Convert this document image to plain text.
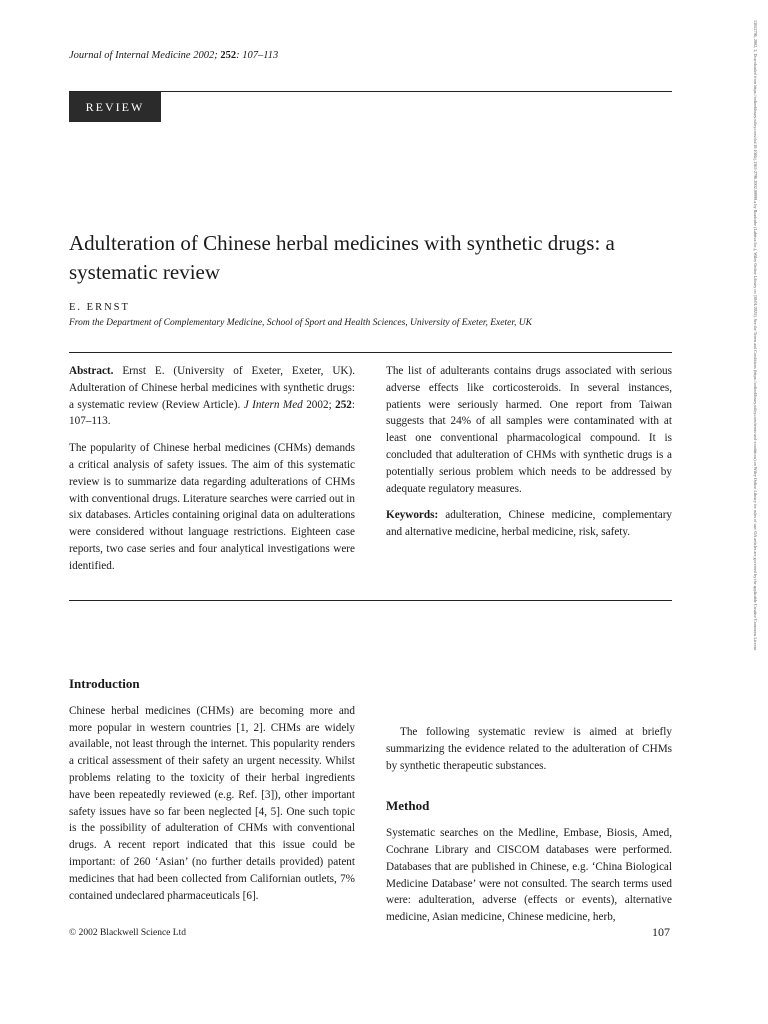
Journal of Internal Medicine 2002; 252: 107–113
REVIEW
Adulteration of Chinese herbal medicines with synthetic drugs: a systematic review
E. ERNST
From the Department of Complementary Medicine, School of Sport and Health Sciences, University of Exeter, Exeter, UK

Abstract. Ernst E. (University of Exeter, Exeter, UK). Adulteration of Chinese herbal medicines with synthetic drugs: a systematic review (Review Article). J Intern Med 2002; 252: 107–113.

The popularity of Chinese herbal medicines (CHMs) demands a critical analysis of safety issues. The aim of this systematic review is to summarize data regarding adulterations of CHMs with conventional drugs. Literature searches were carried out in six databases. Articles containing original data on adulterations were considered without language restrictions. Eighteen case reports, two case series and four analytical investigations were identified.

The list of adulterants contains drugs associated with serious adverse effects like corticosteroids. In several instances, patients were seriously harmed. One report from Taiwan suggests that 24% of all samples were contaminated with at least one conventional pharmacological compound. It is concluded that adulteration of CHMs with synthetic drugs is a potentially serious problem which needs to be addressed by adequate regulatory measures.

Keywords: adulteration, Chinese medicine, complementary and alternative medicine, herbal medicine, risk, safety.

Introduction

Chinese herbal medicines (CHMs) are becoming more and more popular in western countries [1, 2]. CHMs are widely available, not least through the internet. This popularity renders a critical assessment of their safety an urgent necessity. Whilst problems relating to the toxicity of their herbal ingredients have been repeatedly reviewed (e.g. Ref. [3]), other important safety issues have so far been neglected [4, 5]. One such topic is the possibility of adulteration of CHMs with conventional drugs. A recent report indicated that this issue could be important: of 260 ‘Asian’ (no further details provided) patent medicines that had been collected from Californian outlets, 7% contained undeclared pharmaceuticals [6].

The following systematic review is aimed at briefly summarizing the evidence related to the adulteration of CHMs by synthetic therapeutic substances.

Method

Systematic searches on the Medline, Embase, Biosis, Amed, Cochrane Library and CISCOM databases were performed. Databases that are published in Chinese, e.g. ‘China Biological Medicine Database’ were not consulted. The search terms used were: adulteration, adverse (effects or events), alternative medicine, Asian medicine, Chinese medicine, herb,

© 2002 Blackwell Science Ltd	107
13652796, 2002, 2, Downloaded from https://onlinelibrary.wiley.com/doi/10.1046/j.1365-2796.2002.00999.x by Readcube (Labtiva Inc.), Wiley Online Library on [30/01/2025]. See the Terms and Conditions (https://onlinelibrary.wiley.com/terms-and-conditions) on Wiley Online Library for rules of use; OA articles are governed by the applicable Creative Commons License
